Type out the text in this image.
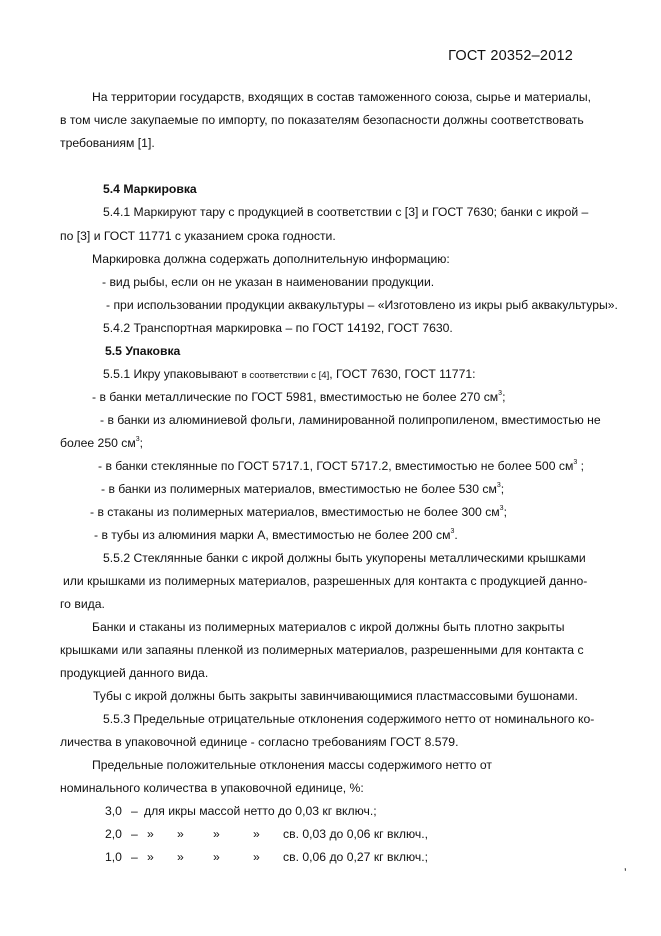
ГОСТ 20352–2012
На территории государств, входящих в состав таможенного союза, сырье и материалы,
в том числе закупаемые по импорту, по показателям безопасности должны соответствовать
требованиям [1].
5.4 Маркировка
5.4.1 Маркируют тару с продукцией в соответствии с [3] и ГОСТ 7630; банки с икрой –
по [3] и ГОСТ 11771 с указанием срока годности.
Маркировка должна содержать дополнительную информацию:
- вид рыбы, если он не указан в наименовании продукции.
- при использовании продукции аквакультуры – «Изготовлено из икры рыб аквакультуры».
5.4.2 Транспортная маркировка – по ГОСТ 14192, ГОСТ 7630.
5.5 Упаковка
5.5.1 Икру упаковывают в соответствии с [4], ГОСТ 7630, ГОСТ 11771:
- в банки металлические по ГОСТ 5981, вместимостью не более 270 $см^3$;
- в банки из алюминиевой фольги, ламинированной полипропиленом, вместимостью не
более 250 $см^3$;
- в банки стеклянные по ГОСТ 5717.1, ГОСТ 5717.2, вместимостью не более 500 $см^3$ ;
- в банки из полимерных материалов, вместимостью не более 530 $см^3$;
- в стаканы из полимерных материалов, вместимостью не более 300 $см^3$;
- в тубы из алюминия марки А, вместимостью не более 200 $см^3$.
5.5.2 Стеклянные банки с икрой должны быть укупорены металлическими крышками
или крышками из полимерных материалов, разрешенных для контакта с продукцией данно-
го вида.
Банки и стаканы из полимерных материалов с икрой должны быть плотно закрыты
крышками или запаяны пленкой из полимерных материалов, разрешенными для контакта с
продукцией данного вида.
Тубы с икрой должны быть закрыты завинчивающимися пластмассовыми бушонами.
5.5.3 Предельные отрицательные отклонения содержимого нетто от номинального ко-
личества в упаковочной единице - согласно требованиям ГОСТ 8.579.
Предельные положительные отклонения массы содержимого нетто от
номинального количества в упаковочной единице, %:
3,0 – для икры массой нетто до 0,03 кг включ.;
2,0 – » » »	» св. 0,03 до 0,06 кг включ.,
1,0 – » » »	» св. 0,06 до 0,27 кг включ.;
ʼ
